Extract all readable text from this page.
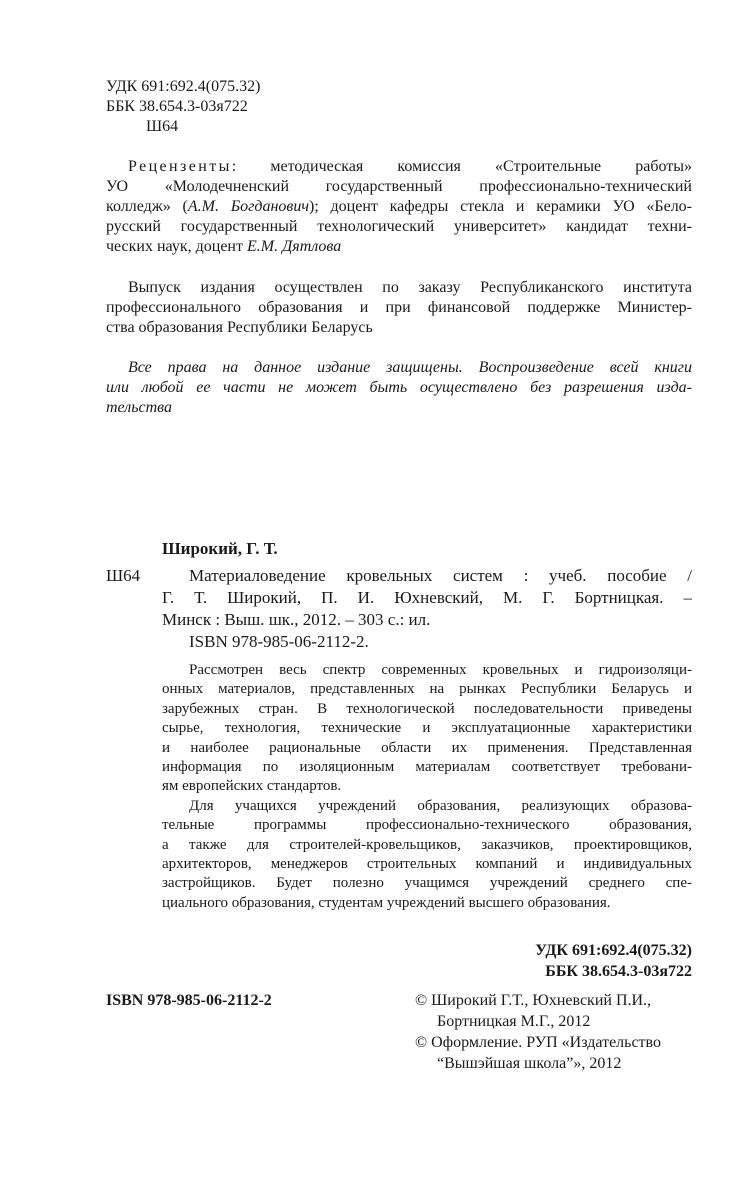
УДК 691:692.4(075.32)
ББК 38.654.3-03я722
Ш64
Рецензенты: методическая комиссия «Строительные работы»
УО «Молодечненский государственный профессионально-технический
колледж» (А.М. Богданович); доцент кафедры стекла и керамики УО «Бело-
русский государственный технологический университет» кандидат техни-
ческих наук, доцент Е.М. Дятлова
Выпуск издания осуществлен по заказу Республиканского института
профессионального образования и при финансовой поддержке Министер-
ства образования Республики Беларусь
Все права на данное издание защищены. Воспроизведение всей книги
или любой ее части не может быть осуществлено без разрешения изда-
тельства
Широкий, Г. Т.
Ш64	Материаловедение кровельных систем : учеб. пособие /
Г. Т. Широкий, П. И. Юхневский, М. Г. Бортницкая. –
Минск : Выш. шк., 2012. – 303 с.: ил.
ISBN 978-985-06-2112-2.

Рассмотрен весь спектр современных кровельных и гидроизоляци-
онных материалов, представленных на рынках Республики Беларусь и
зарубежных стран. В технологической последовательности приведены
сырье, технология, технические и эксплуатационные характеристики
и наиболее рациональные области их применения. Представленная
информация по изоляционным материалам соответствует требовани-
ям европейских стандартов.

Для учащихся учреждений образования, реализующих образова-
тельные программы профессионально-технического образования,
а также для строителей-кровельщиков, заказчиков, проектировщиков,
архитекторов, менеджеров строительных компаний и индивидуальных
застройщиков. Будет полезно учащимся учреждений среднего спе-
циального образования, студентам учреждений высшего образования.

УДК 691:692.4(075.32)
ББК 38.654.3-03я722
ISBN 978-985-06-2112-2	© Широкий Г.Т., Юхневский П.И.,
Бортницкая М.Г., 2012
© Оформление. РУП «Издательство
“Вышэйшая школа”», 2012
